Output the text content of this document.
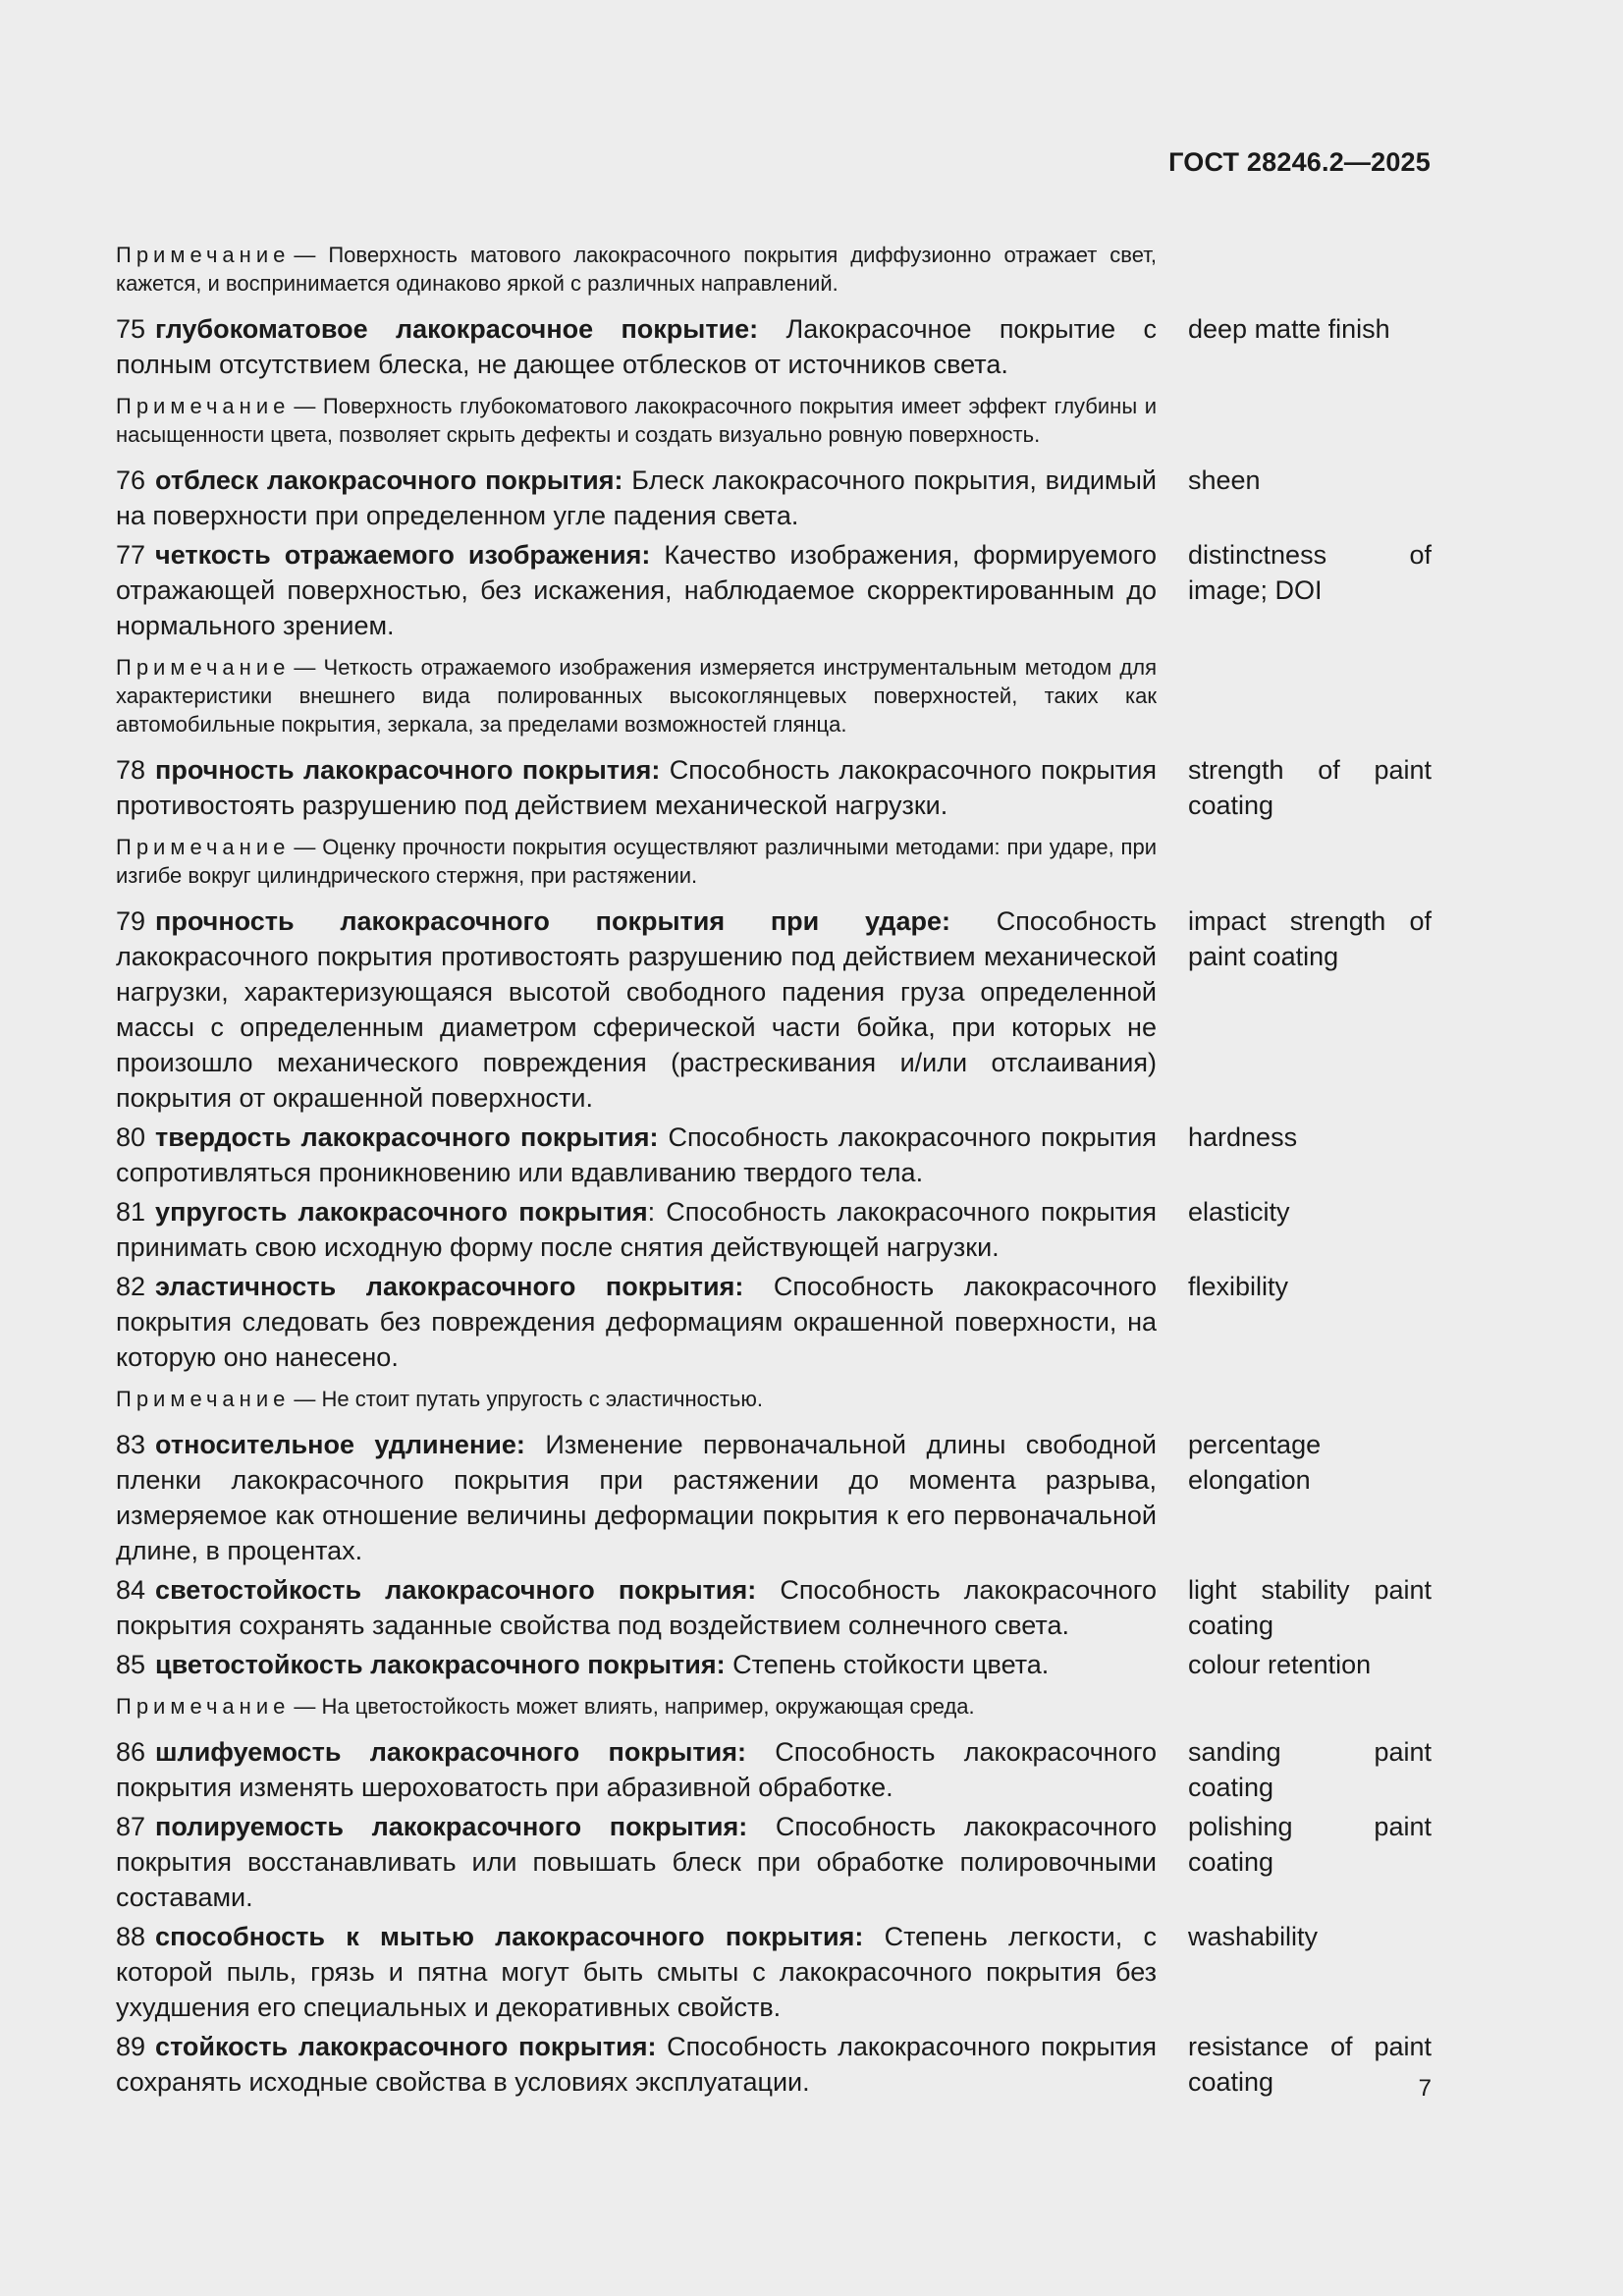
ГОСТ 28246.2—2025
Примечание — Поверхность матового лакокрасочного покрытия диффузионно отражает свет, кажется, и воспринимается одинаково яркой с различных направлений.
75 глубокоматовое лакокрасочное покрытие: Лакокрасочное покрытие с полным отсутствием блеска, не дающее отблесков от источников света.
deep matte finish
Примечание — Поверхность глубокоматового лакокрасочного покрытия имеет эффект глубины и насыщенности цвета, позволяет скрыть дефекты и создать визуально ровную поверхность.
76 отблеск лакокрасочного покрытия: Блеск лакокрасочного покрытия, видимый на поверхности при определенном угле падения света.
sheen
77 четкость отражаемого изображения: Качество изображения, формируемого отражающей поверхностью, без искажения, наблюдаемое скорректированным до нормального зрением.
distinctness of image; DOI
Примечание — Четкость отражаемого изображения измеряется инструментальным методом для характеристики внешнего вида полированных высокоглянцевых поверхностей, таких как автомобильные покрытия, зеркала, за пределами возможностей глянца.
78 прочность лакокрасочного покрытия: Способность лакокрасочного покрытия противостоять разрушению под действием механической нагрузки.
strength of paint coating
Примечание — Оценку прочности покрытия осуществляют различными методами: при ударе, при изгибе вокруг цилиндрического стержня, при растяжении.
79 прочность лакокрасочного покрытия при ударе: Способность лакокрасочного покрытия противостоять разрушению под действием механической нагрузки, характеризующаяся высотой свободного падения груза определенной массы с определенным диаметром сферической части бойка, при которых не произошло механического повреждения (растрескивания и/или отслаивания) покрытия от окрашенной поверхности.
impact strength of paint coating
80 твердость лакокрасочного покрытия: Способность лакокрасочного покрытия сопротивляться проникновению или вдавливанию твердого тела.
hardness
81 упругость лакокрасочного покрытия: Способность лакокрасочного покрытия принимать свою исходную форму после снятия действующей нагрузки.
elasticity
82 эластичность лакокрасочного покрытия: Способность лакокрасочного покрытия следовать без повреждения деформациям окрашенной поверхности, на которую оно нанесено.
flexibility
Примечание — Не стоит путать упругость с эластичностью.
83 относительное удлинение: Изменение первоначальной длины свободной пленки лакокрасочного покрытия при растяжении до момента разрыва, измеряемое как отношение величины деформации покрытия к его первоначальной длине, в процентах.
percentage elongation
84 светостойкость лакокрасочного покрытия: Способность лакокрасочного покрытия сохранять заданные свойства под воздействием солнечного света.
light stability paint coating
85 цветостойкость лакокрасочного покрытия: Степень стойкости цвета.	colour retention
Примечание — На цветостойкость может влиять, например, окружающая среда.
86 шлифуемость лакокрасочного покрытия: Способность лакокрасочного покрытия изменять шероховатость при абразивной обработке.
sanding paint coating
87 полируемость лакокрасочного покрытия: Способность лакокрасочного покрытия восстанавливать или повышать блеск при обработке полировочными составами.
polishing paint coating
88 способность к мытью лакокрасочного покрытия: Степень легкости, с которой пыль, грязь и пятна могут быть смыты с лакокрасочного покрытия без ухудшения его специальных и декоративных свойств.
washability
89 стойкость лакокрасочного покрытия: Способность лакокрасочного покрытия сохранять исходные свойства в условиях эксплуатации.
resistance of paint coating	7
